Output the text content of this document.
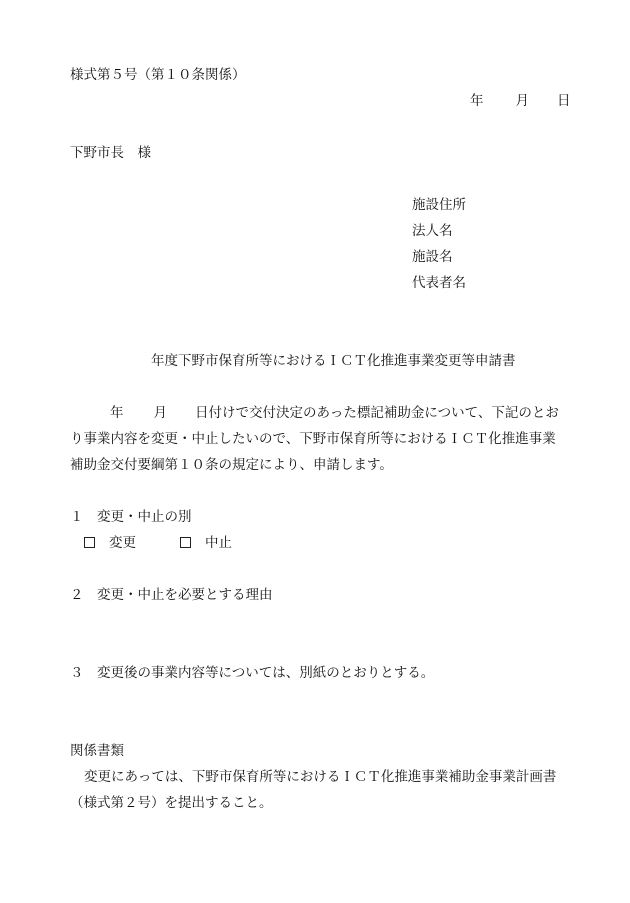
様式第５号（第１０条関係）
年 月 日
下野市長　様
施設住所
法人名
施設名
代表者名
年度下野市保育所等におけるＩＣＴ化推進事業変更等申請書
年 月 日付けで交付決定のあった標記補助金について、下記のとお
り事業内容を変更・中止したいので、下野市保育所等におけるＩＣＴ化推進事業
補助金交付要綱第１０条の規定により、申請します。
１　変更・中止の別
変更	中止
２　変更・中止を必要とする理由
３　変更後の事業内容等については、別紙のとおりとする。
関係書類
変更にあっては、下野市保育所等におけるＩＣＴ化推進事業補助金事業計画書
（様式第２号）を提出すること。
